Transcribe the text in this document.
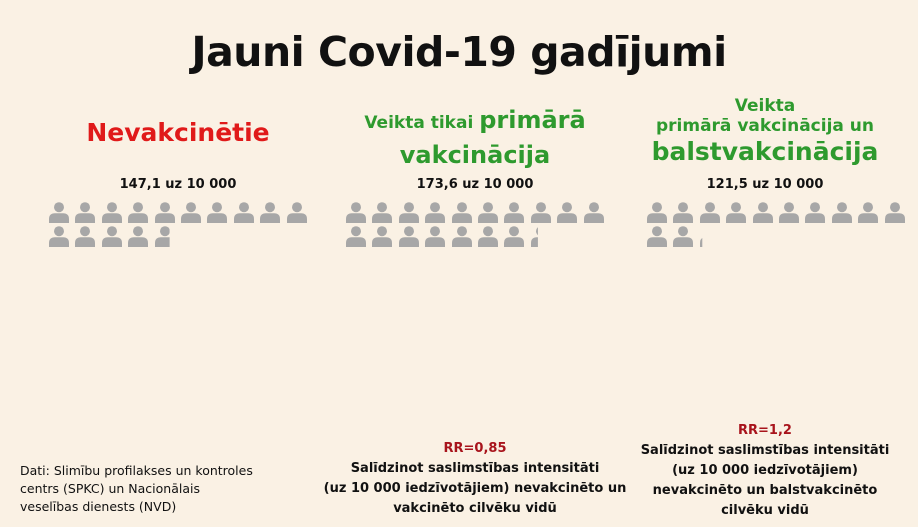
Jauni Covid-19 gadījumi
Nevakcinētie	Veikta tikai primārā
vakcinācija
Veikta
primārā vakcinācija un
balstvakcinācija
147,1 uz 10 000	173,6 uz 10 000	121,5 uz 10 000
RR=0,85
Salīdzinot saslimstības intensitāti
(uz 10 000 iedzīvotājiem) nevakcinēto un
vakcinēto cilvēku vidū
RR=1,2
Salīdzinot saslimstības intensitāti
(uz 10 000 iedzīvotājiem)
nevakcinēto un balstvakcinēto
cilvēku vidū
Dati: Slimību profilakses un kontroles
centrs (SPKC) un Nacionālais
veselības dienests (NVD)
